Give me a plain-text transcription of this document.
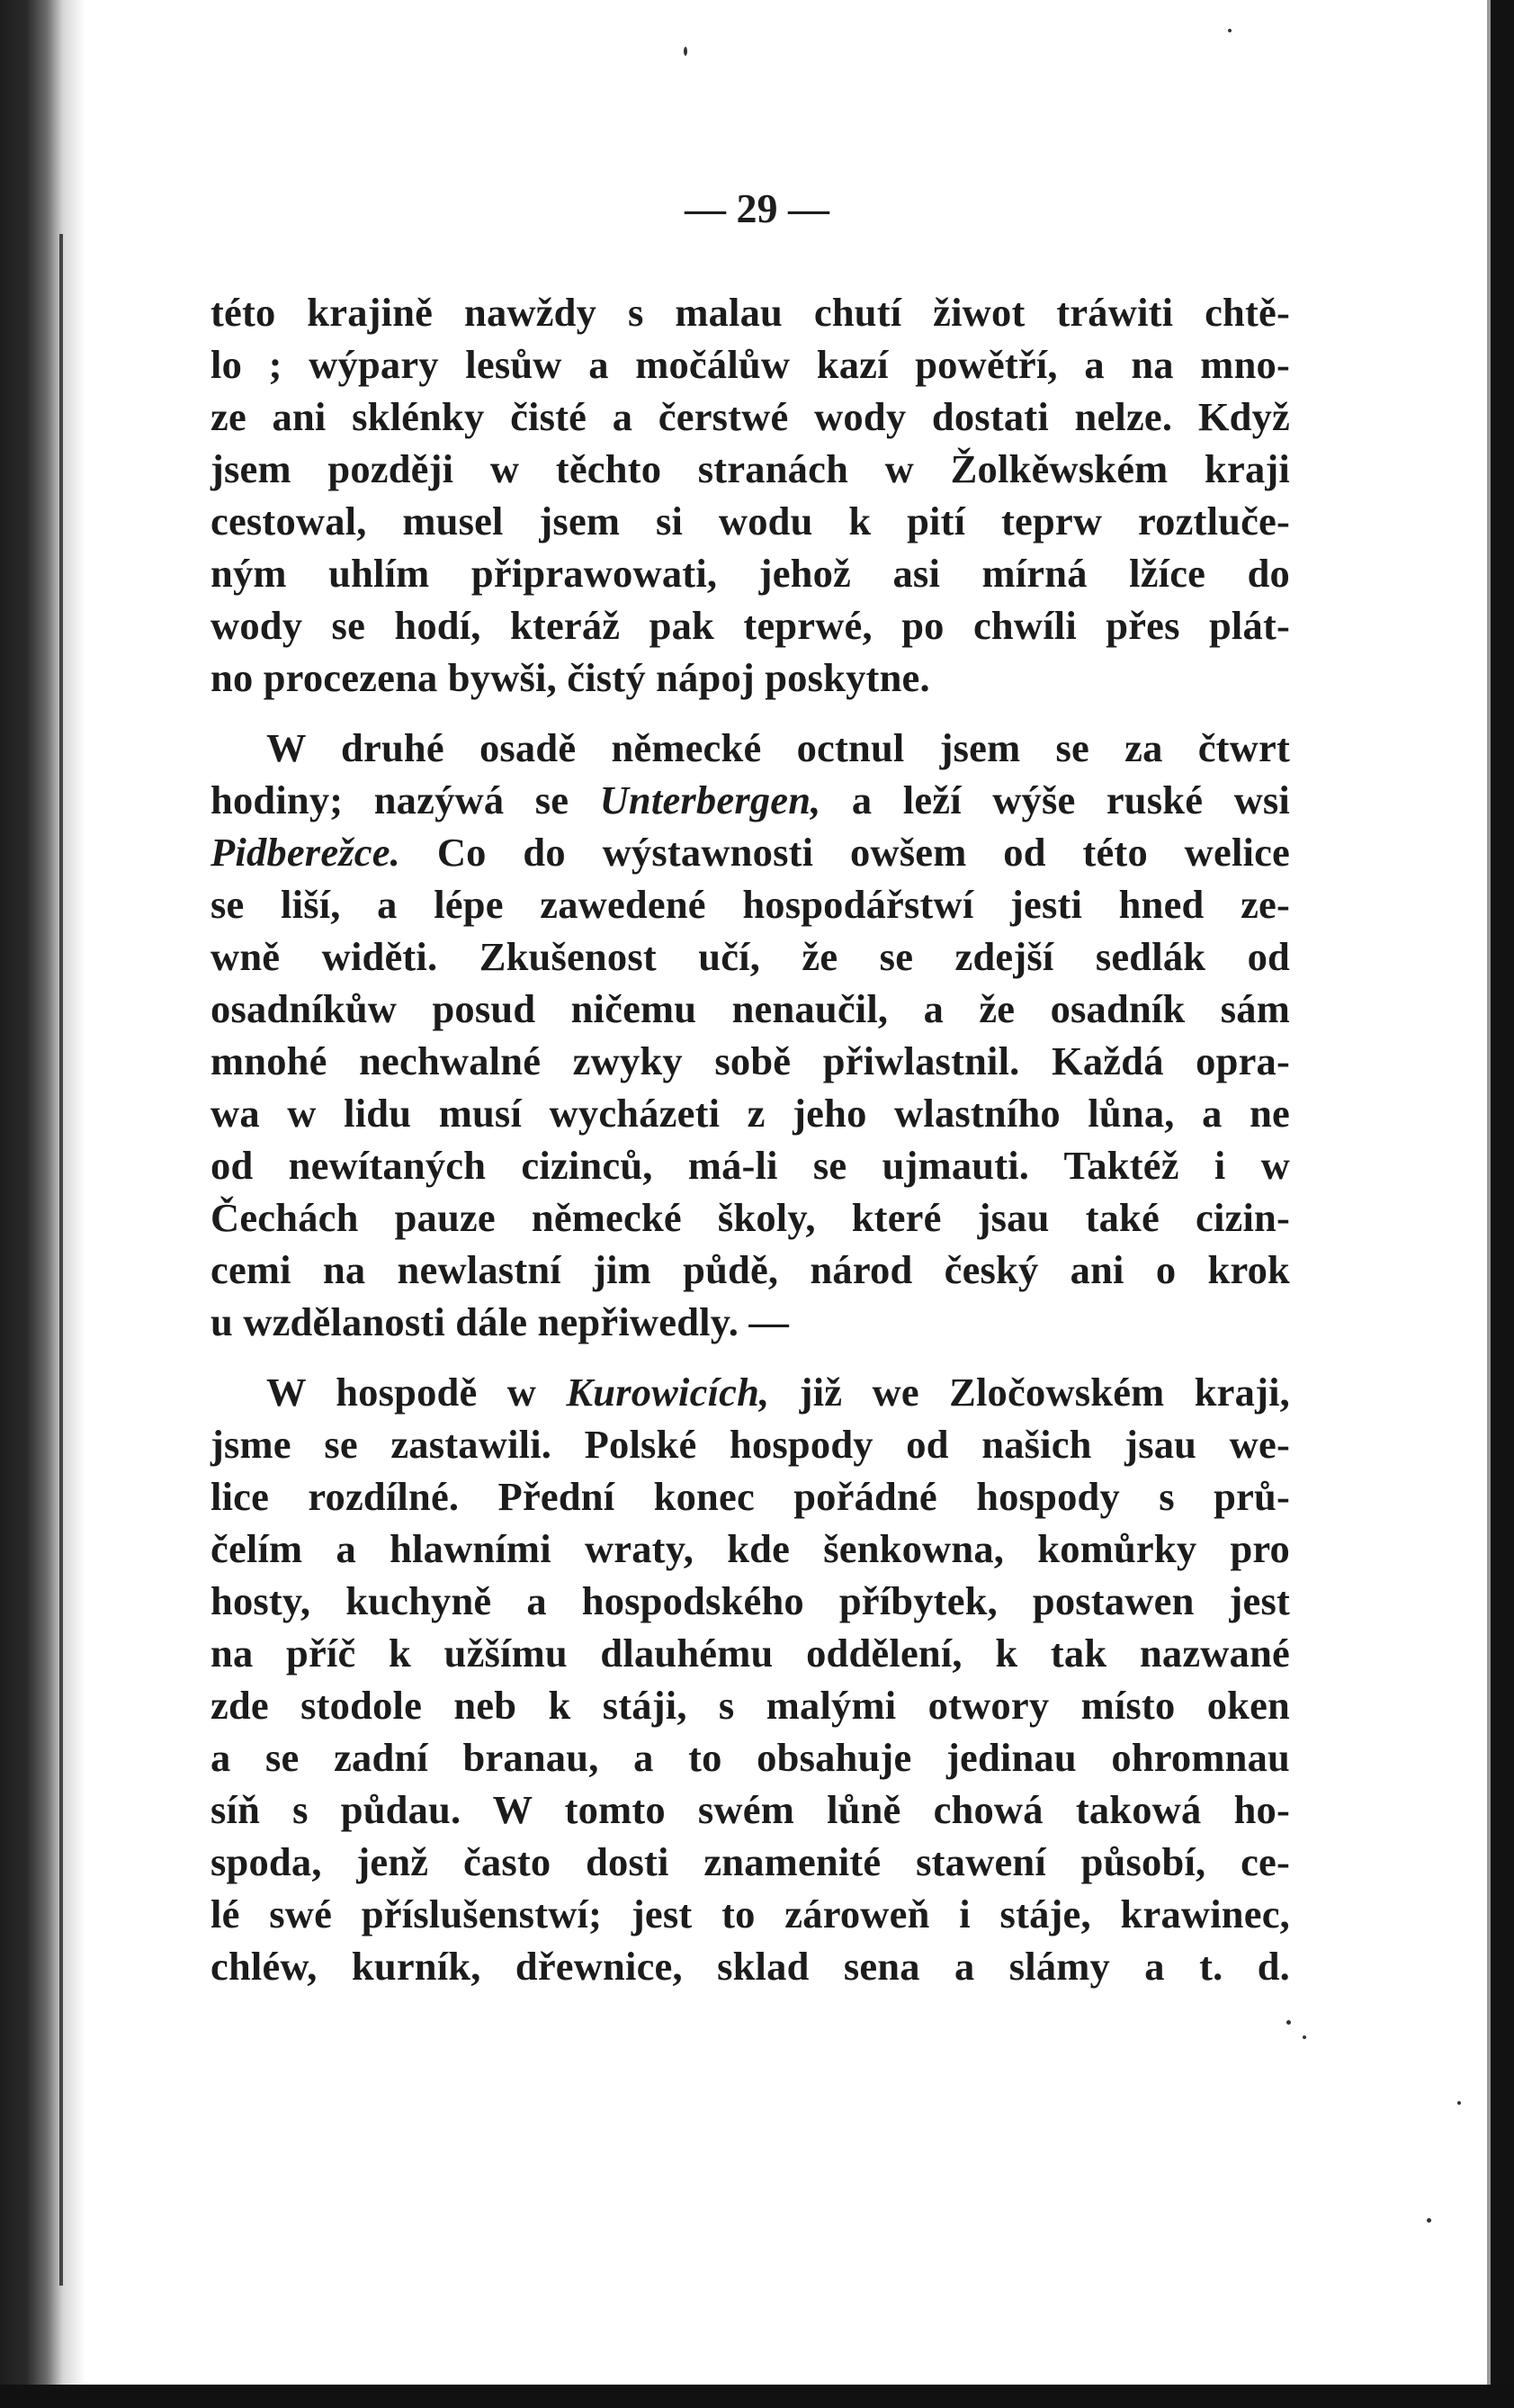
— 29 —

této krajině nawždy s malau chutí žiwot tráwiti chtě-
lo ; wýpary lesůw a močálůw kazí powětří, a na mno-
ze ani sklénky čisté a čerstwé wody dostati nelze. Když
jsem později w těchto stranách w Žolkěwském kraji
cestowal, musel jsem si wodu k pití teprw roztluče-
ným uhlím připrawowati, jehož asi mírná lžíce do
wody se hodí, kteráž pak teprwé, po chwíli přes plát-
no procezena bywši, čistý nápoj poskytne.

W druhé osadě německé octnul jsem se za čtwrt
hodiny; nazýwá se Unterbergen, a leží wýše ruské wsi
Pidberežce. Co do wýstawnosti owšem od této welice
se liší, a lépe zawedené hospodářstwí jesti hned ze-
wně widěti. Zkušenost učí, že se zdejší sedlák od
osadníkůw posud ničemu nenaučil, a že osadník sám
mnohé nechwalné zwyky sobě přiwlastnil. Každá opra-
wa w lidu musí wycházeti z jeho wlastního lůna, a ne
od newítaných cizinců, má-li se ujmauti. Taktéž i w
Čechách pauze německé školy, které jsau také cizin-
cemi na newlastní jim půdě, národ český ani o krok
u wzdělanosti dále nepřiwedly. —

W hospodě w Kurowicích, již we Zločowském kraji,
jsme se zastawili. Polské hospody od našich jsau we-
lice rozdílné. Přední konec pořádné hospody s prů-
čelím a hlawními wraty, kde šenkowna, komůrky pro
hosty, kuchyně a hospodského příbytek, postawen jest
na příč k užšímu dlauhému oddělení, k tak nazwané
zde stodole neb k stáji, s malými otwory místo oken
a se zadní branau, a to obsahuje jedinau ohromnau
síň s půdau. W tomto swém lůně chowá takowá ho-
spoda, jenž často dosti znamenité stawení působí, ce-
lé swé příslušenstwí; jest to zároweň i stáje, krawinec,
chléw, kurník, dřewnice, sklad sena a slámy a t. d.
